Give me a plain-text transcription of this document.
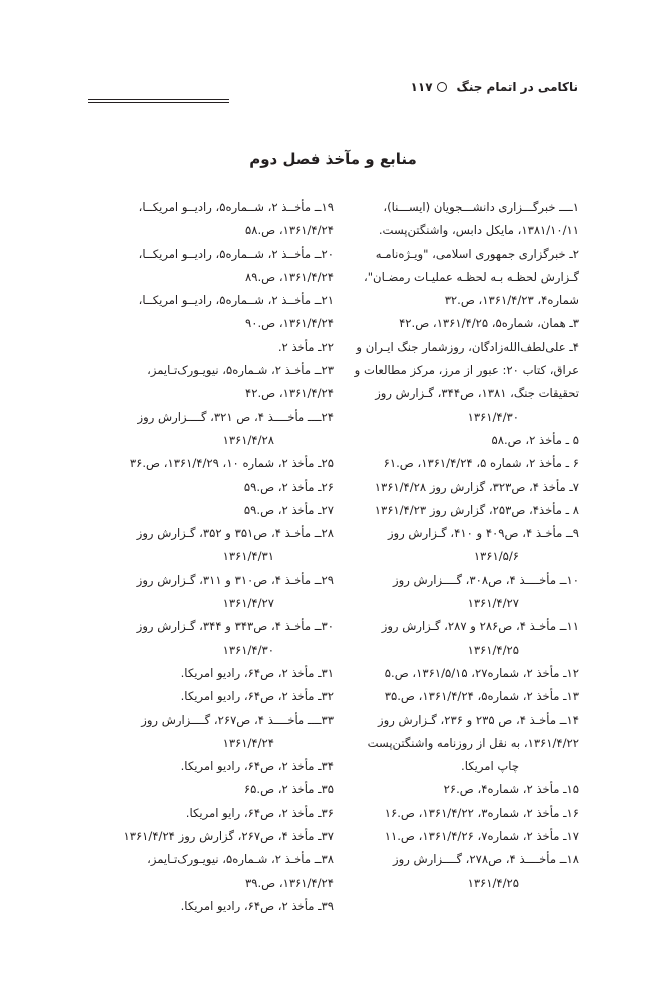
ناکامی در اتمام جنگ
۱۱۷
منابع و مآخذ فصل دوم
۱ــــ خبرگـــزاری دانشـــجویان (ایســـنا)،
۱۳۸۱/۱۰/۱۱، مایکل دابس، واشنگتن‌پست.
۲ـ خبرگزاری جمهوری اسلامی، "ویـژه‌نامـه
گـزارش لحظـه بـه لحظـه عملیـات رمضـان"،
شماره۴، ۱۳۶۱/۴/۲۳، ص.۳۲
۳ـ همان، شماره۵، ۱۳۶۱/۴/۲۵، ص.۴۲
۴ـ علی‌لطف‌الله‌زادگان، روزشمار جنگ ایـران و
عراق، کتاب ۲۰: عبور از مرز، مرکز مطالعات و
تحقیقات جنگ، ۱۳۸۱، ص۳۴۴، گـزارش روز
۱۳۶۱/۴/۳۰
۵ ـ مأخذ ۲، ص.۵۸
۶ ـ مأخذ ۲، شماره ۵، ۱۳۶۱/۴/۲۴، ص.۶۱
۷ـ مأخذ ۴، ص۳۲۳، گزارش روز ۱۳۶۱/۴/۲۸
۸ ـ مأخذ۴، ص۲۵۳، گزارش روز ۱۳۶۱/۴/۲۳
۹ــ مأخـذ ۴، ص۴۰۹ و ۴۱۰، گـزارش روز
۱۳۶۱/۵/۶
۱۰ــ مأخــــذ ۴، ص۳۰۸، گــــزارش روز
۱۳۶۱/۴/۲۷
۱۱ــ مأخـذ ۴، ص۲۸۶ و ۲۸۷، گـزارش روز
۱۳۶۱/۴/۲۵
۱۲ـ مأخذ ۲، شماره۲۷، ۱۳۶۱/۵/۱۵، ص.۵
۱۳ـ مأخذ ۲، شماره۵، ۱۳۶۱/۴/۲۴، ص.۳۵
۱۴ــ مأخـذ ۴، ص ۲۳۵ و ۲۳۶، گـزارش روز
۱۳۶۱/۴/۲۲، به نقل از روزنامه واشنگتن‌پست
چاپ امریکا.
۱۵ـ مأخذ ۲، شماره۴، ص.۲۶
۱۶ـ مأخذ ۲، شماره۳، ۱۳۶۱/۴/۲۲، ص.۱۶
۱۷ـ مأخذ ۲، شماره۷، ۱۳۶۱/۴/۲۶، ص.۱۱
۱۸ــ مأخــــذ ۴، ص۲۷۸، گــــزارش روز
۱۳۶۱/۴/۲۵
۱۹ــ مأخــذ ۲، شــماره۵، رادیــو امریکــا،
۱۳۶۱/۴/۲۴، ص.۵۸
۲۰ــ مأخــذ ۲، شــماره۵، رادیــو امریکــا،
۱۳۶۱/۴/۲۴، ص.۸۹
۲۱ــ مأخــذ ۲، شــماره۵، رادیــو امریکــا،
۱۳۶۱/۴/۲۴، ص.۹۰
۲۲ـ مأخذ ۲.
۲۳ــ مأخـذ ۲، شـماره۵، نیویـورک‌تـایمز،
۱۳۶۱/۴/۲۴، ص.۴۲
۲۴ــــ مأخــــذ ۴، ص ۳۲۱، گــــزارش روز
۱۳۶۱/۴/۲۸
۲۵ـ مأخذ ۲، شماره ۱۰، ۱۳۶۱/۴/۲۹، ص.۳۶
۲۶ـ مأخذ ۲، ص.۵۹
۲۷ـ مأخذ ۲، ص.۵۹
۲۸ــ مأخـذ ۴، ص۳۵۱ و ۳۵۲، گـزارش روز
۱۳۶۱/۴/۳۱
۲۹ــ مأخـذ ۴، ص۳۱۰ و ۳۱۱، گـزارش روز
۱۳۶۱/۴/۲۷
۳۰ــ مأخـذ ۴، ص۳۴۳ و ۳۴۴، گـزارش روز
۱۳۶۱/۴/۳۰
۳۱ـ مأخذ ۲، ص۶۴، رادیو امریکا.
۳۲ـ مأخذ ۲، ص۶۴، رادیو امریکا.
۳۳ــــ مأخــــذ ۴، ص۲۶۷، گــــزارش روز
۱۳۶۱/۴/۲۴
۳۴ـ مأخذ ۲، ص۶۴، رادیو امریکا.
۳۵ـ مأخذ ۲، ص.۶۵
۳۶ـ مأخذ ۲، ص۶۴، رایو امریکا.
۳۷ـ مأخذ ۴، ص۲۶۷، گزارش روز ۱۳۶۱/۴/۲۴
۳۸ــ مأخـذ ۲، شـماره۵، نیویـورک‌تـایمز،
۱۳۶۱/۴/۲۴، ص.۳۹
۳۹ـ مأخذ ۲، ص۶۴، رادیو امریکا.
